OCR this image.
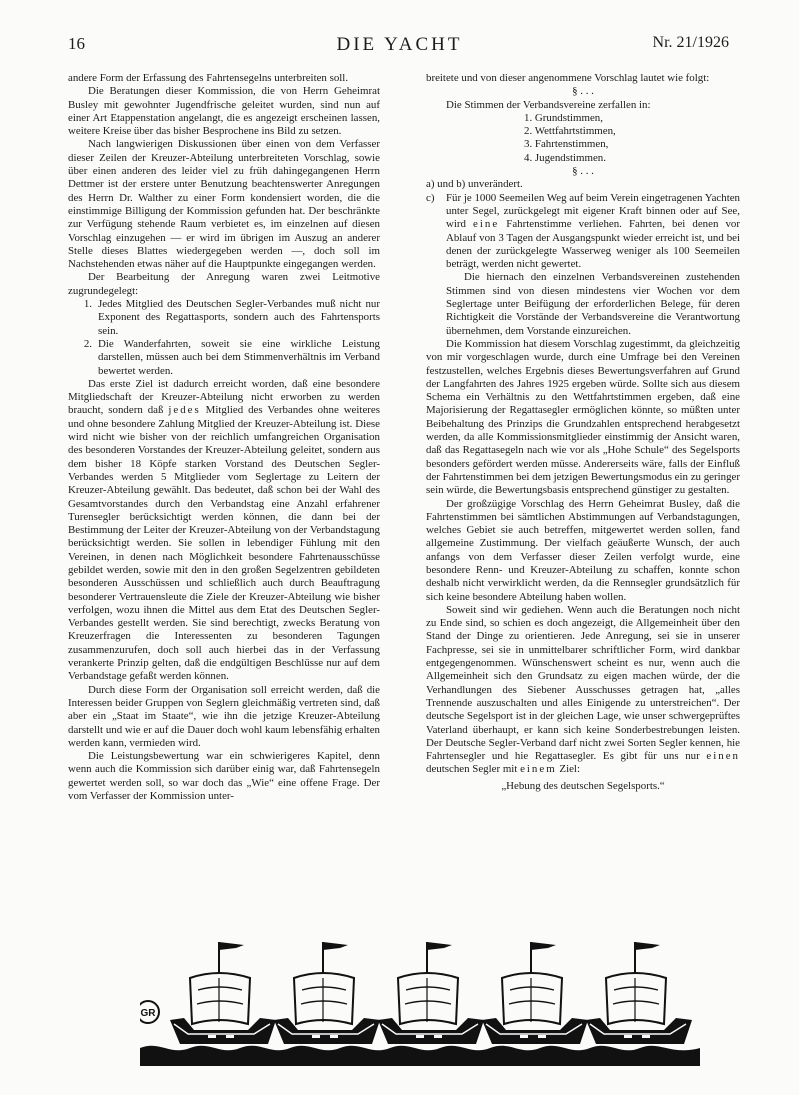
16	DIE YACHT	Nr. 21/1926

andere Form der Erfassung des Fahrtensegelns unterbreiten soll.

Die Beratungen dieser Kommission, die von Herrn Geheimrat Busley mit gewohnter Jugendfrische geleitet wurden, sind nun auf einer Art Etappenstation angelangt, die es angezeigt erscheinen lassen, weitere Kreise über das bisher Besprochene ins Bild zu setzen.

Nach langwierigen Diskussionen über einen von dem Verfasser dieser Zeilen der Kreuzer-Abteilung unterbreiteten Vorschlag, sowie über einen anderen des leider viel zu früh dahingegangenen Herrn Dettmer ist der erstere unter Benutzung beachtenswerter Anregungen des Herrn Dr. Walther zu einer Form kondensiert worden, die die einstimmige Billigung der Kommission gefunden hat. Der beschränkte zur Verfügung stehende Raum verbietet es, im einzelnen auf diesen Vorschlag einzugehen — er wird im übrigen im Auszug an anderer Stelle dieses Blattes wiedergegeben werden —, doch soll im Nachstehenden etwas näher auf die Hauptpunkte eingegangen werden.

Der Bearbeitung der Anregung waren zwei Leitmotive zugrundegelegt:

1. Jedes Mitglied des Deutschen Segler-Verbandes muß nicht nur Exponent des Regattasports, sondern auch des Fahrtensports sein.
2. Die Wanderfahrten, soweit sie eine wirkliche Leistung darstellen, müssen auch bei dem Stimmenverhältnis im Verband bewertet werden.

Das erste Ziel ist dadurch erreicht worden, daß eine besondere Mitgliedschaft der Kreuzer-Abteilung nicht erworben zu werden braucht, sondern daß jedes Mitglied des Verbandes ohne weiteres und ohne besondere Zahlung Mitglied der Kreuzer-Abteilung ist. Diese wird nicht wie bisher von der reichlich umfangreichen Organisation des besonderen Vorstandes der Kreuzer-Abteilung geleitet, sondern aus dem bisher 18 Köpfe starken Vorstand des Deutschen Segler-Verbandes werden 5 Mitglieder vom Seglertage zu Leitern der Kreuzer-Abteilung gewählt. Das bedeutet, daß schon bei der Wahl des Gesamtvorstandes durch den Verbandstag eine Anzahl erfahrener Turensegler berücksichtigt werden können, die dann bei der Bestimmung der Leiter der Kreuzer-Abteilung von der Verbandstagung berücksichtigt werden. Sie sollen in lebendiger Fühlung mit den Vereinen, in denen nach Möglichkeit besondere Fahrtenausschüsse gebildet werden, sowie mit den in den großen Segelzentren gebildeten besonderen Ausschüssen und schließlich auch durch Beauftragung besonderer Vertrauensleute die Ziele der Kreuzer-Abteilung wie bisher verfolgen, wozu ihnen die Mittel aus dem Etat des Deutschen Segler-Verbandes gestellt werden. Sie sind berechtigt, zwecks Beratung von Kreuzerfragen die Interessenten zu besonderen Tagungen zusammenzurufen, doch soll auch hierbei das in der Verfassung verankerte Prinzip gelten, daß die endgültigen Beschlüsse nur auf dem Verbandstage gefaßt werden können.

Durch diese Form der Organisation soll erreicht werden, daß die Interessen beider Gruppen von Seglern gleichmäßig vertreten sind, daß aber ein „Staat im Staate“, wie ihn die jetzige Kreuzer-Abteilung darstellt und wie er auf die Dauer doch wohl kaum lebensfähig erhalten werden kann, vermieden wird.

Die Leistungsbewertung war ein schwierigeres Kapitel, denn wenn auch die Kommission sich darüber einig war, daß Fahrtensegeln gewertet werden soll, so war doch das „Wie“ eine offene Frage. Der vom Verfasser der Kommission unter-

breitete und von dieser angenommene Vorschlag lautet wie folgt:

§ . . .

Die Stimmen der Verbandsvereine zerfallen in:

1. Grundstimmen,

2. Wettfahrtstimmen,

3. Fahrtenstimmen,

4. Jugendstimmen.

§ . . .

a) und b) unverändert.

c)	Für je 1000 Seemeilen Weg auf beim Verein eingetragenen Yachten unter Segel, zurückgelegt mit eigener Kraft binnen oder auf See, wird eine Fahrtenstimme verliehen. Fahrten, bei denen vor Ablauf von 3 Tagen der Ausgangspunkt wieder erreicht ist, und bei denen der zurückgelegte Wasserweg weniger als 100 Seemeilen beträgt, werden nicht gewertet.

Die hiernach den einzelnen Verbandsvereinen zustehenden Stimmen sind von diesen mindestens vier Wochen vor dem Seglertage unter Beifügung der erforderlichen Belege, für deren Richtigkeit die Vorstände der Verbandsvereine die Verantwortung übernehmen, dem Vorstande einzureichen.

Die Kommission hat diesem Vorschlag zugestimmt, da gleichzeitig von mir vorgeschlagen wurde, durch eine Umfrage bei den Vereinen festzustellen, welches Ergebnis dieses Bewertungsverfahren auf Grund der Langfahrten des Jahres 1925 ergeben würde. Sollte sich aus diesem Schema ein Verhältnis zu den Wettfahrtstimmen ergeben, daß eine Majorisierung der Regattasegler ermöglichen könnte, so müßten unter Beibehaltung des Prinzips die Grundzahlen entsprechend herabgesetzt werden, da alle Kommissionsmitglieder einstimmig der Ansicht waren, daß das Regattasegeln nach wie vor als „Hohe Schule“ des Segelsports besonders gefördert werden müsse. Andererseits wäre, falls der Einfluß der Fahrtenstimmen bei dem jetzigen Bewertungsmodus ein zu geringer sein würde, die Bewertungsbasis entsprechend günstiger zu gestalten.

Der großzügige Vorschlag des Herrn Geheimrat Busley, daß die Fahrtenstimmen bei sämtlichen Abstimmungen auf Verbandstagungen, welches Gebiet sie auch betreffen, mitgewertet werden sollen, fand allgemeine Zustimmung. Der vielfach geäußerte Wunsch, der auch anfangs von dem Verfasser dieser Zeilen verfolgt wurde, eine besondere Renn- und Kreuzer-Abteilung zu schaffen, konnte schon deshalb nicht verwirklicht werden, da die Rennsegler grundsätzlich für sich keine besondere Abteilung haben wollen.

Soweit sind wir gediehen. Wenn auch die Beratungen noch nicht zu Ende sind, so schien es doch angezeigt, die Allgemeinheit über den Stand der Dinge zu orientieren. Jede Anregung, sei sie in unserer Fachpresse, sei sie in unmittelbarer schriftlicher Form, wird dankbar entgegengenommen. Wünschenswert scheint es nur, wenn auch die Allgemeinheit sich den Grundsatz zu eigen machen würde, der die Verhandlungen des Siebener Ausschusses getragen hat, „alles Trennende auszuschalten und alles Einigende zu unterstreichen“. Der deutsche Segelsport ist in der gleichen Lage, wie unser schwergeprüftes Vaterland überhaupt, er kann sich keine Sonderbestrebungen leisten. Der Deutsche Segler-Verband darf nicht zwei Sorten Segler kennen, hie Fahrtensegler und hie Regattasegler. Es gibt für uns nur einen deutschen Segler mit einem Ziel:

„Hebung des deutschen Segelsports.“

GR
